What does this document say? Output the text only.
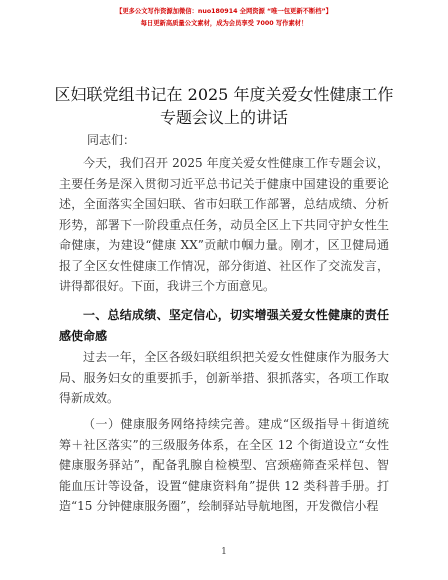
【更多公文写作资源加微信：nuo180914 全网资源 “唯一包更新不断档”】
每日更新高质量公文素材，成为会员享受 7000 写作素材！
区妇联党组书记在 2025 年度关爱女性健康工作
专题会议上的讲话
同志们：
今天，我们召开 2025 年度关爱女性健康工作专题会议，主要任务是深入贯彻习近平总书记关于健康中国建设的重要论述，全面落实全国妇联、省市妇联工作部署，总结成绩、分析形势，部署下一阶段重点任务，动员全区上下共同守护女性生命健康，为建设“健康 XX”贡献巾帼力量。刚才，区卫健局通报了全区女性健康工作情况，部分街道、社区作了交流发言，讲得都很好。下面，我讲三个方面意见。
一、总结成绩、坚定信心，切实增强关爱女性健康的责任感使命感
过去一年，全区各级妇联组织把关爱女性健康作为服务大局、服务妇女的重要抓手，创新举措、狠抓落实，各项工作取得新成效。
（一）健康服务网络持续完善。建成“区级指导＋街道统筹＋社区落实”的三级服务体系，在全区 12 个街道设立“女性健康服务驿站”，配备乳腺自检模型、宫颈癌筛查采样包、智能血压计等设备，设置“健康资料角”提供 12 类科普手册。打造“15 分钟健康服务圈”，绘制驿站导航地图，开发微信小程
1
